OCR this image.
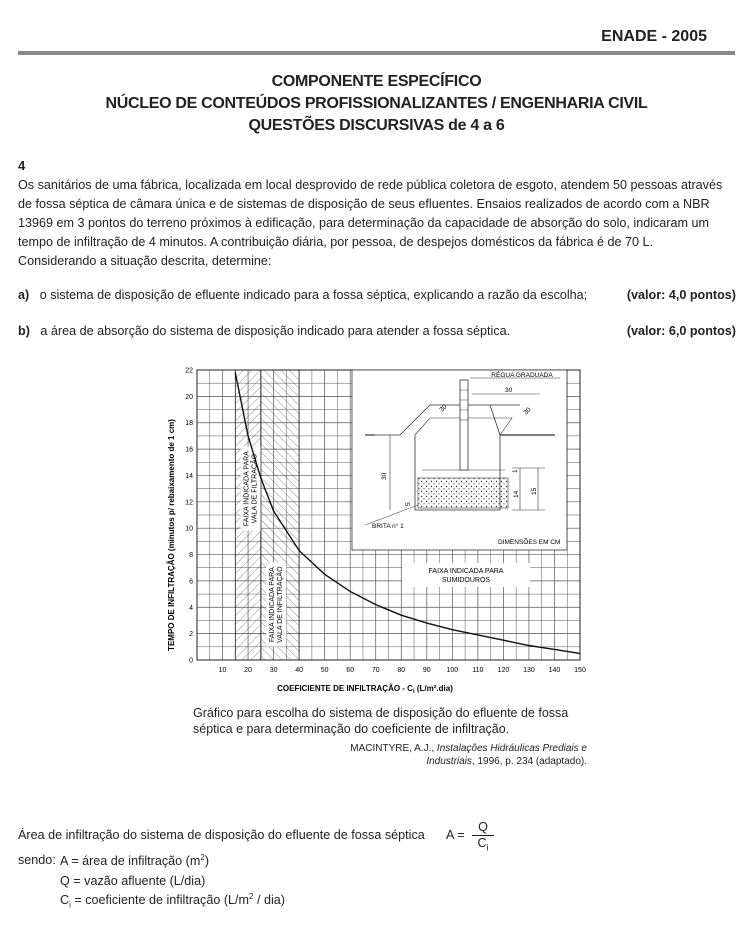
ENADE - 2005
COMPONENTE ESPECÍFICO
NÚCLEO DE CONTEÚDOS PROFISSIONALIZANTES / ENGENHARIA CIVIL
QUESTÕES DISCURSIVAS de 4 a 6
4
Os sanitários de uma fábrica, localizada em local desprovido de rede pública coletora de esgoto, atendem 50 pessoas através
de fossa séptica de câmara única e de sistemas de disposição de seus efluentes. Ensaios realizados de acordo com a NBR
13969 em 3 pontos do terreno próximos à edificação, para determinação da capacidade de absorção do solo, indicaram um
tempo de infiltração de 4 minutos. A contribuição diária, por pessoa, de despejos domésticos da fábrica é de 70 L.
Considerando a situação descrita, determine:
a) o sistema de disposição de efluente indicado para a fossa séptica, explicando a razão da escolha;	(valor: 4,0 pontos)
b) a área de absorção do sistema de disposição indicado para atender a fossa séptica.	(valor: 6,0 pontos)
FAIXA INDICADA PARA VALA DE FILTRAÇÃO
FAIXA INDICADA PARA VALA DE INFILTRAÇÃO
10	20	30	40	50	60	70	80	90 100 110 120 130 140 150
0
2
4
6
8
10
12
14
16
18
20
22
RÉGUA GRADUADA
30
30	30
30
5
1
14 15
BRITA n° 1
DIMENSÕES EM CM
FAIXA INDICADA PARA
SUMIDOUROS
COEFICIENTE DE INFILTRAÇÃO - $C_i$ (L/m².dia)
TEMPO DE INFILTRAÇÃO (minutos p/ rebaixamento de 1 cm)
Gráfico para escolha do sistema de disposição do efluente de fossa
séptica e para determinação do coeficiente de infiltração.
MACINTYRE, A.J., Instalações Hidráulicas Prediais e
Industriais, 1996, p. 234 (adaptado).
Área de infiltração do sistema de disposição do efluente de fossa séptica $A = \frac{Q}{C_i}$
sendo: A = área de infiltração $(m^2)$
Q = vazão afluente (L/dia)
$C_i$ = coeficiente de infiltração $(L/m^2 / dia)$
